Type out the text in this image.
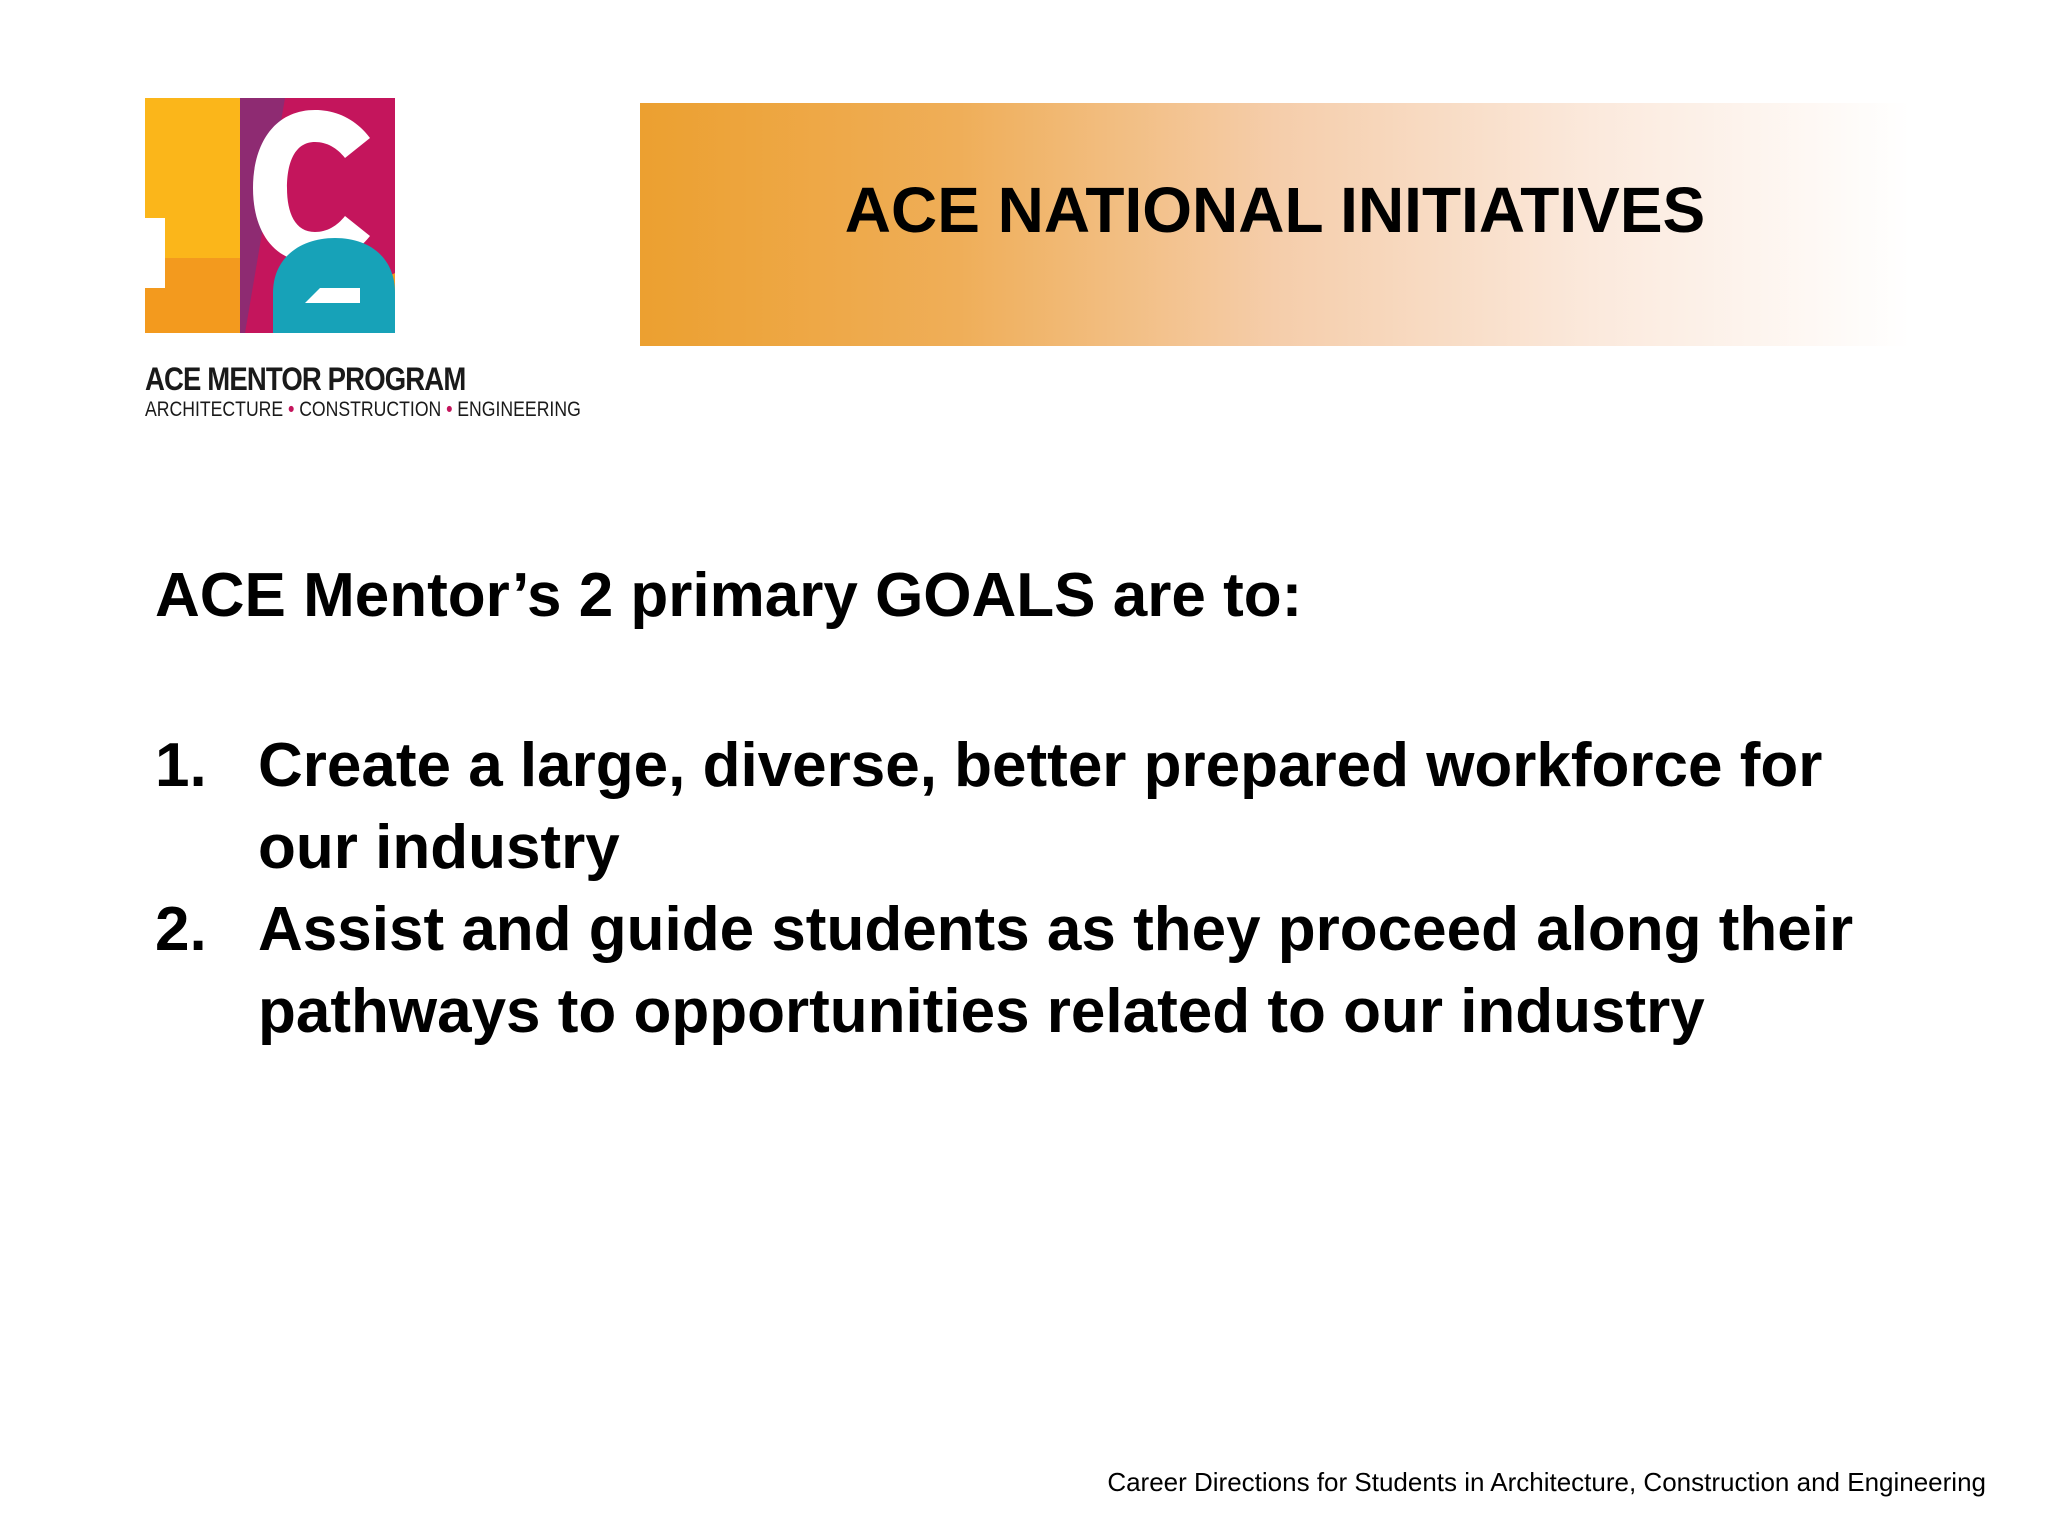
ACE MENTOR PROGRAM
ARCHITECTURE • CONSTRUCTION • ENGINEERING
ACE NATIONAL INITIATIVES
ACE Mentor’s 2 primary GOALS are to:
1. Create a large, diverse, better prepared workforce for our industry
2. Assist and guide students as they proceed along their pathways to opportunities related to our industry
Career Directions for Students in Architecture, Construction and Engineering
